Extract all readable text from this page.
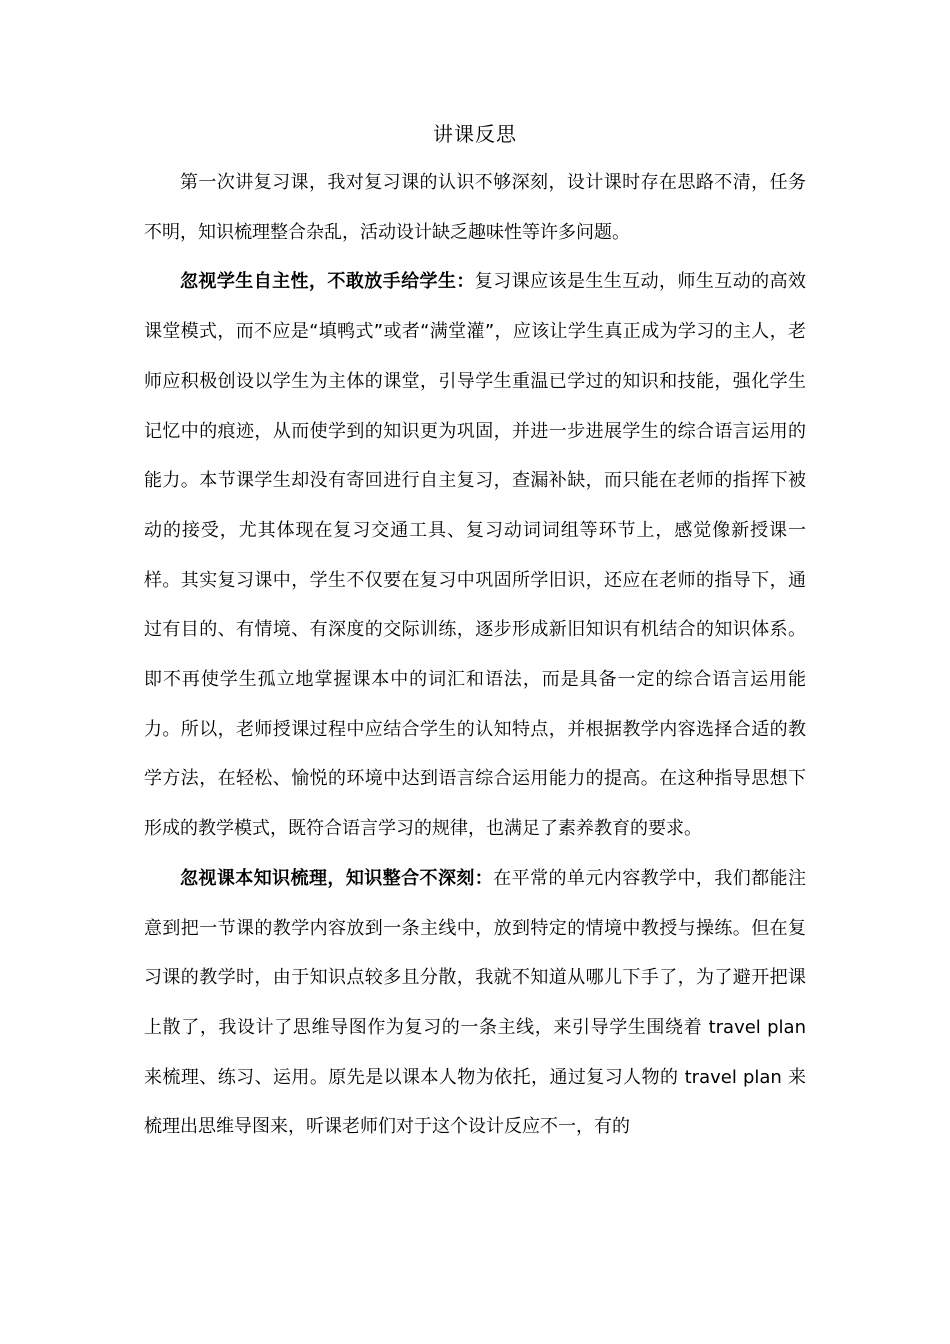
讲课反思

第一次讲复习课，我对复习课的认识不够深刻，设计课时存在思路不清，任务不明，知识梳理整合杂乱，活动设计缺乏趣味性等许多问题。

忽视学生自主性，不敢放手给学生：复习课应该是生生互动，师生互动的高效课堂模式，而不应是“填鸭式”或者“满堂灌”，应该让学生真正成为学习的主人，老师应积极创设以学生为主体的课堂，引导学生重温已学过的知识和技能，强化学生记忆中的痕迹，从而使学到的知识更为巩固，并进一步进展学生的综合语言运用的能力。本节课学生却没有寄回进行自主复习，查漏补缺，而只能在老师的指挥下被动的接受，尤其体现在复习交通工具、复习动词词组等环节上，感觉像新授课一样。其实复习课中，学生不仅要在复习中巩固所学旧识，还应在老师的指导下，通过有目的、有情境、有深度的交际训练，逐步形成新旧知识有机结合的知识体系。即不再使学生孤立地掌握课本中的词汇和语法，而是具备一定的综合语言运用能力。所以，老师授课过程中应结合学生的认知特点，并根据教学内容选择合适的教学方法，在轻松、愉悦的环境中达到语言综合运用能力的提高。在这种指导思想下形成的教学模式，既符合语言学习的规律，也满足了素养教育的要求。

忽视课本知识梳理，知识整合不深刻：在平常的单元内容教学中，我们都能注意到把一节课的教学内容放到一条主线中，放到特定的情境中教授与操练。但在复习课的教学时，由于知识点较多且分散，我就不知道从哪儿下手了，为了避开把课上散了，我设计了思维导图作为复习的一条主线，来引导学生围绕着 travel plan 来梳理、练习、运用。原先是以课本人物为依托，通过复习人物的 travel plan 来梳理出思维导图来，听课老师们对于这个设计反应不一，有的
